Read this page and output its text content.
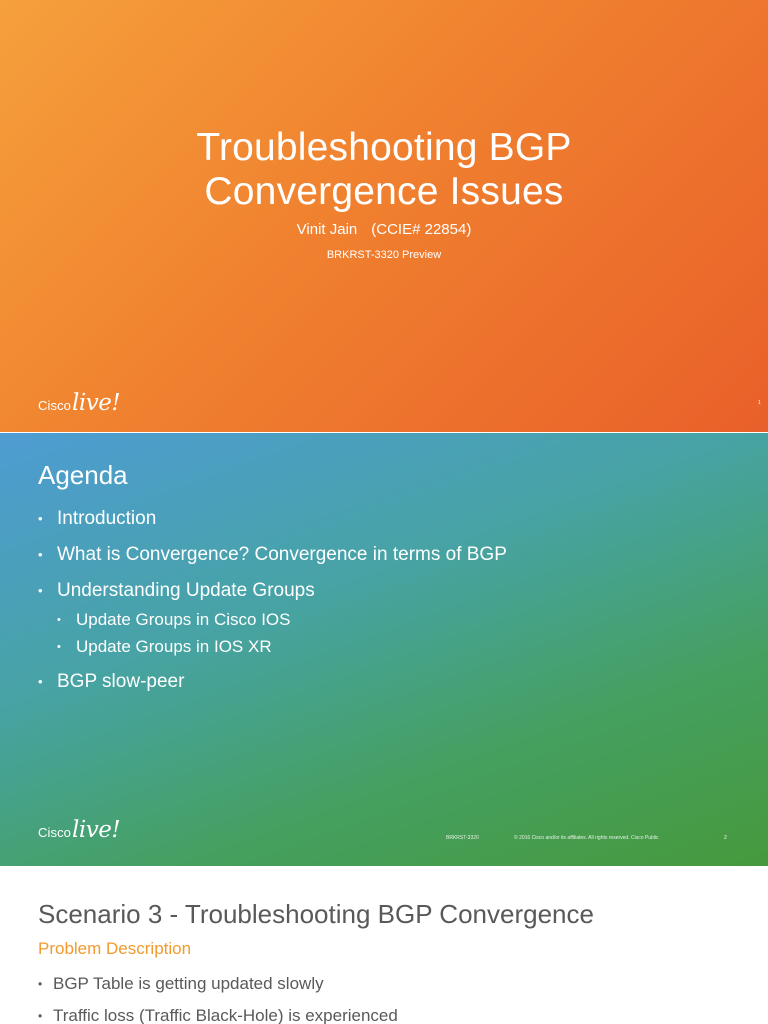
Troubleshooting BGP
Convergence Issues
Vinit Jain (CCIE# 22854)
BRKRST-3320 Preview
Ciscolive!	1
Agenda
• Introduction
• What is Convergence? Convergence in terms of BGP
• Understanding Update Groups
• Update Groups in Cisco IOS
• Update Groups in IOS XR
• BGP slow-peer
Ciscolive!	BRKRST-3320	© 2016 Cisco and/or its affiliates. All rights reserved. Cisco Public	2
Scenario 3 - Troubleshooting BGP Convergence
Problem Description
• BGP Table is getting updated slowly
• Traffic loss (Traffic Black-Hole) is experienced
